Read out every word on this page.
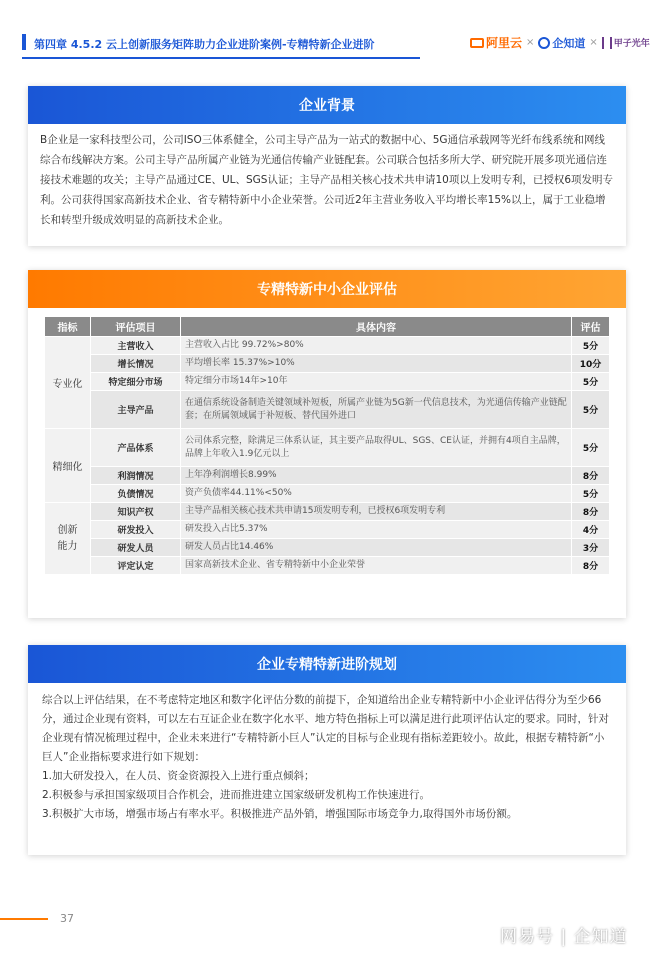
第四章 4.5.2 云上创新服务矩阵助力企业进阶案例-专精特新企业进阶	阿里云 × 企知道 × 甲子光年
企业背景
B企业是一家科技型公司，公司ISO三体系健全，公司主导产品为一站式的数据中心、5G通信承载网等光纤布线系统和网线综合布线解决方案。公司主导产品所属产业链为光通信传输产业链配套。公司联合包括多所大学、研究院开展多项光通信连接技术难题的攻关；主导产品通过CE、UL、SGS认证；主导产品相关核心技术共申请10项以上发明专利，已授权6项发明专利。公司获得国家高新技术企业、省专精特新中小企业荣誉。公司近2年主营业务收入平均增长率15%以上，属于工业稳增长和转型升级成效明显的高新技术企业。
专精特新中小企业评估
指标	评估项目	具体内容	评估
专业化	主营收入	主营收入占比 99.72%>80%	5分
	增长情况	平均增长率 15.37%>10%	10分
	特定细分市场	特定细分市场14年>10年	5分
	主导产品	在通信系统设备制造关键领域补短板，所属产业链为5G新一代信息技术，为光通信传输产业链配套；在所属领域属于补短板、替代国外进口	5分
精细化	产品体系	公司体系完整，除满足三体系认证，其主要产品取得UL、SGS、CE认证，并拥有4项自主品牌，品牌上年收入1.9亿元以上	5分
	利润情况	上年净利润增长8.99%	8分
	负债情况	资产负债率44.11%<50%	5分
创新
能力	知识产权	主导产品相关核心技术共申请15项发明专利，已授权6项发明专利	8分
	研发投入	研发投入占比5.37%	4分
	研发人员	研发人员占比14.46%	3分
	评定认定	国家高新技术企业、省专精特新中小企业荣誉	8分
企业专精特新进阶规划

综合以上评估结果，在不考虑特定地区和数字化评估分数的前提下，企知道给出企业专精特新中小企业评估得分为至少66分，通过企业现有资料，可以左右互证企业在数字化水平、地方特色指标上可以满足进行此项评估认定的要求。同时，针对企业现有情况梳理过程中，企业未来进行“专精特新小巨人”认定的目标与企业现有指标差距较小。故此，根据专精特新“小巨人”企业指标要求进行如下规划：

1.加大研发投入，在人员、资金资源投入上进行重点倾斜；

2.积极参与承担国家级项目合作机会，进而推进建立国家级研发机构工作快速进行。

3.积极扩大市场，增强市场占有率水平。积极推进产品外销，增强国际市场竞争力,取得国外市场份额。

37
网易号 | 企知道
